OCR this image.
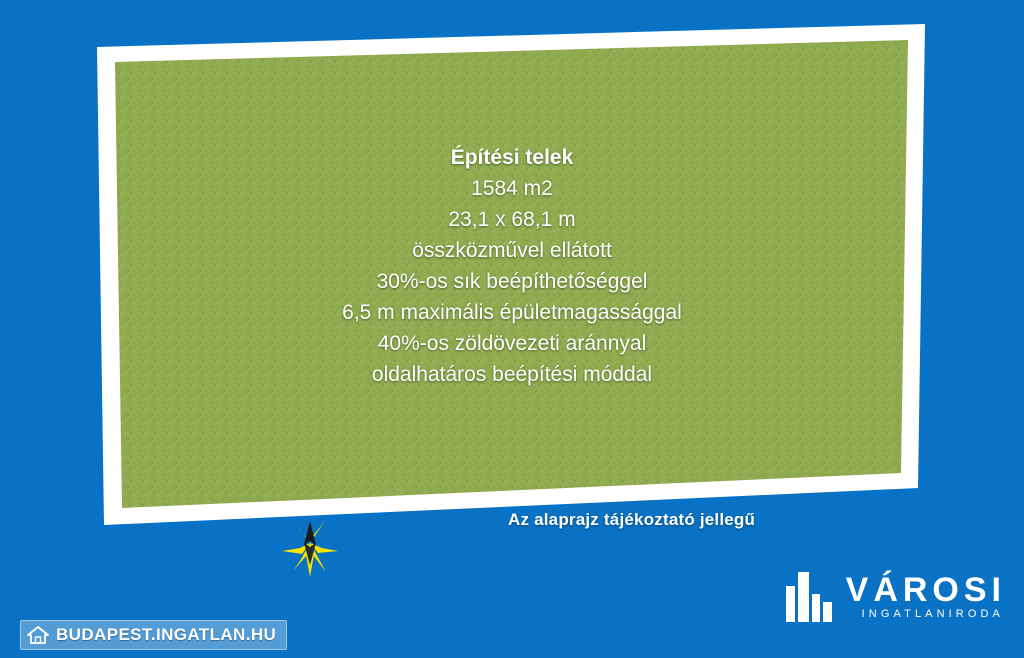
Építési telek
1584 m2
23,1 x 68,1 m
összközművel ellátott
30%-os sık beépíthetőséggel
6,5 m maximális épületmagassággal
40%-os zöldövezeti aránnyal
oldalhatáros beépítési móddal
Az alaprajz tájékoztató jellegű
BUDAPEST.INGATLAN.HU
VÁROSI
INGATLANIRODA
